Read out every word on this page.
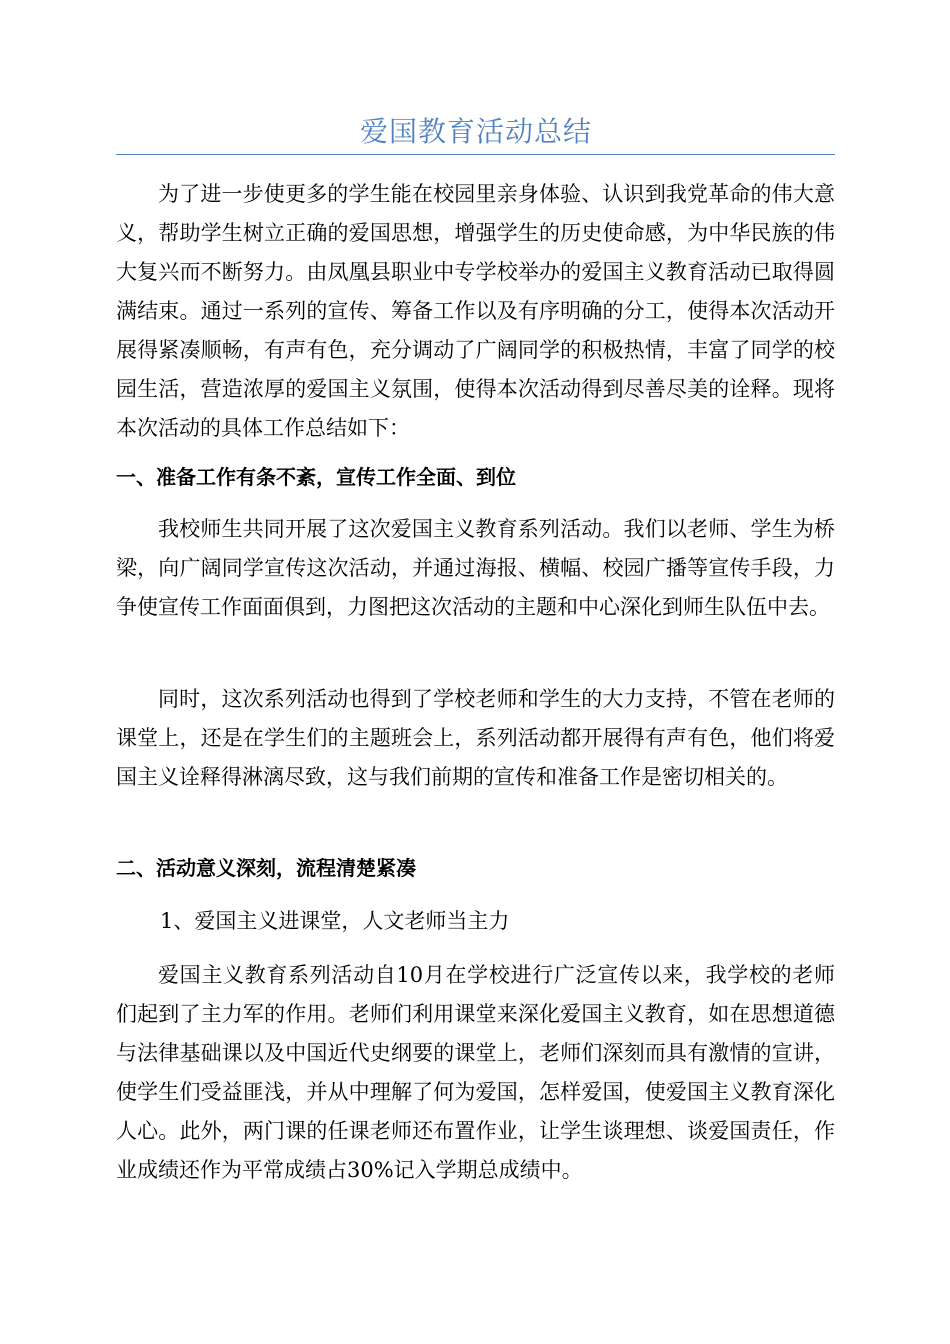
爱国教育活动总结

为了进一步使更多的学生能在校园里亲身体验、认识到我党革命的伟大意义，帮助学生树立正确的爱国思想，增强学生的历史使命感，为中华民族的伟大复兴而不断努力。由凤凰县职业中专学校举办的爱国主义教育活动已取得圆满结束。通过一系列的宣传、筹备工作以及有序明确的分工，使得本次活动开展得紧凑顺畅，有声有色，充分调动了广阔同学的积极热情，丰富了同学的校园生活，营造浓厚的爱国主义氛围，使得本次活动得到尽善尽美的诠释。现将本次活动的具体工作总结如下：

一、准备工作有条不紊，宣传工作全面、到位

我校师生共同开展了这次爱国主义教育系列活动。我们以老师、学生为桥梁，向广阔同学宣传这次活动，并通过海报、横幅、校园广播等宣传手段，力争使宣传工作面面俱到，力图把这次活动的主题和中心深化到师生队伍中去。

同时，这次系列活动也得到了学校老师和学生的大力支持，不管在老师的课堂上，还是在学生们的主题班会上，系列活动都开展得有声有色，他们将爱国主义诠释得淋漓尽致，这与我们前期的宣传和准备工作是密切相关的。

二、活动意义深刻，流程清楚紧凑

1、爱国主义进课堂，人文老师当主力

爱国主义教育系列活动自10月在学校进行广泛宣传以来，我学校的老师们起到了主力军的作用。老师们利用课堂来深化爱国主义教育，如在思想道德与法律基础课以及中国近代史纲要的课堂上，老师们深刻而具有激情的宣讲，使学生们受益匪浅，并从中理解了何为爱国，怎样爱国，使爱国主义教育深化人心。此外，两门课的任课老师还布置作业，让学生谈理想、谈爱国责任，作业成绩还作为平常成绩占30%记入学期总成绩中。
